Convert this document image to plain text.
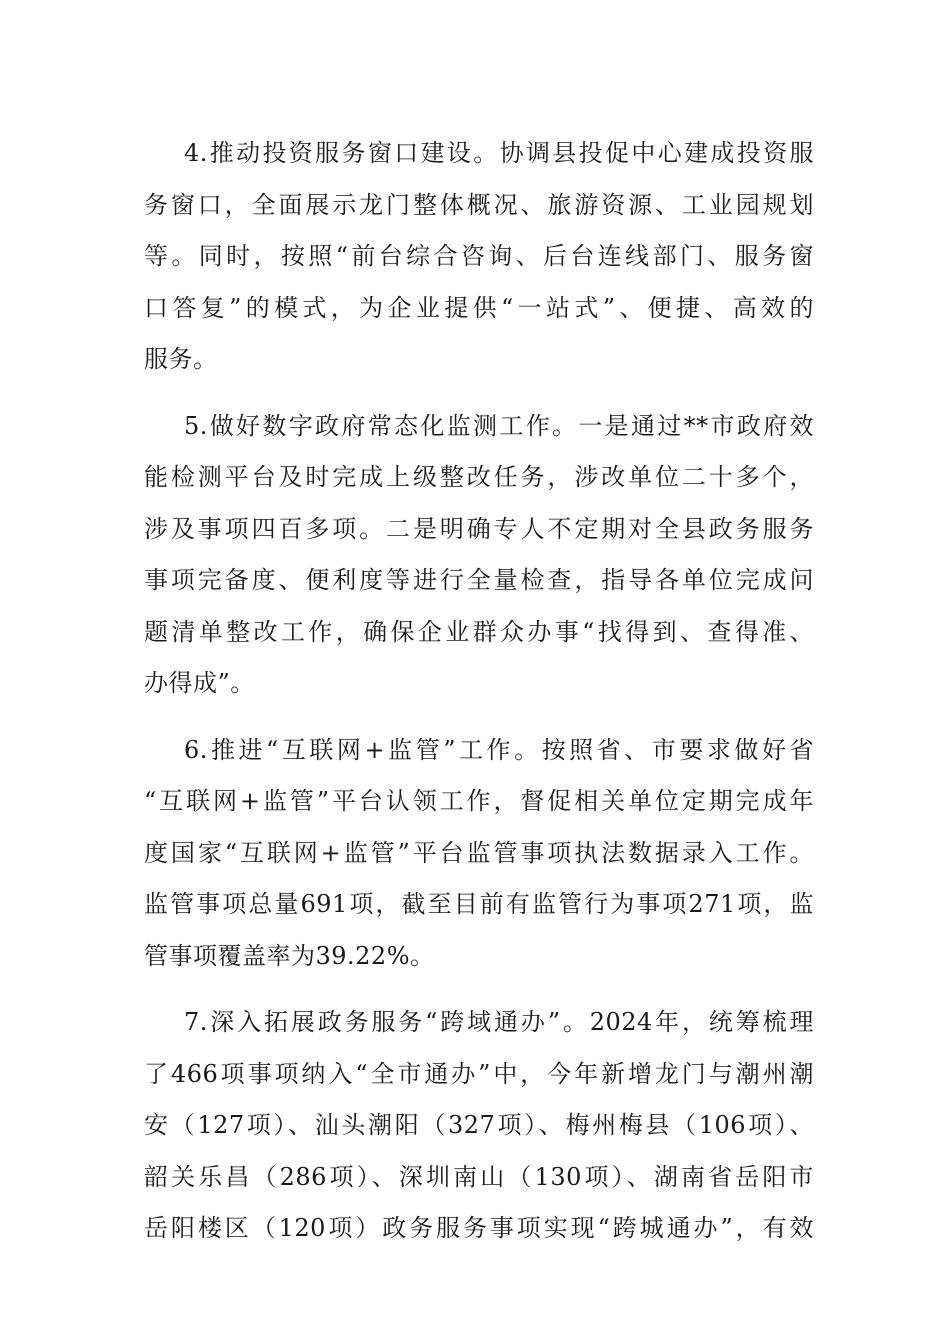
4.推动投资服务窗口建设。协调县投促中心建成投资服
务窗口，全面展示龙门整体概况、旅游资源、工业园规划
等。同时，按照“前台综合咨询、后台连线部门、服务窗
口答复”的模式，为企业提供“一站式”、便捷、高效的
服务。
5.做好数字政府常态化监测工作。一是通过**市政府效
能检测平台及时完成上级整改任务，涉改单位二十多个，
涉及事项四百多项。二是明确专人不定期对全县政务服务
事项完备度、便利度等进行全量检查，指导各单位完成问
题清单整改工作，确保企业群众办事“找得到、查得准、
办得成”。
6.推进“互联网+监管”工作。按照省、市要求做好省
“互联网+监管”平台认领工作，督促相关单位定期完成年
度国家“互联网+监管”平台监管事项执法数据录入工作。
监管事项总量691项，截至目前有监管行为事项271项，监
管事项覆盖率为39.22%。
7.深入拓展政务服务“跨域通办”。2024年，统筹梳理
了466项事项纳入“全市通办”中，今年新增龙门与潮州潮
安（127项）、汕头潮阳（327项）、梅州梅县（106项）、
韶关乐昌（286项）、深圳南山（130项）、湖南省岳阳市
岳阳楼区（120项）政务服务事项实现“跨城通办”，有效
